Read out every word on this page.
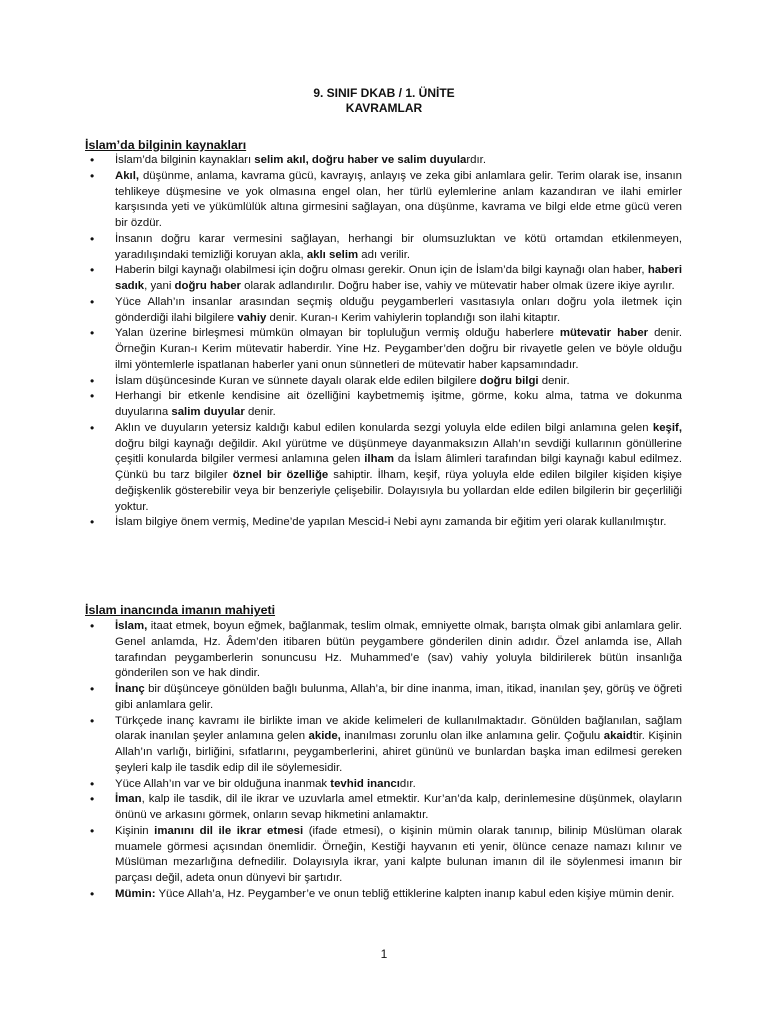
9. SINIF DKAB / 1. ÜNİTE
KAVRAMLAR
İslam’da bilginin kaynakları
• İslam’da bilginin kaynakları selim akıl, doğru haber ve salim duyulardır.
• Akıl, düşünme, anlama, kavrama gücü, kavrayış, anlayış ve zeka gibi anlamlara gelir. Terim olarak ise, insanın tehlikeye düşmesine ve yok olmasına engel olan, her türlü eylemlerine anlam kazandıran ve ilahi emirler karşısında yeti ve yükümlülük altına girmesini sağlayan, ona düşünme, kavrama ve bilgi elde etme gücü veren bir özdür.
• İnsanın doğru karar vermesini sağlayan, herhangi bir olumsuzluktan ve kötü ortamdan etkilenmeyen, yaradılışındaki temizliği koruyan akla, aklı selim adı verilir.
• Haberin bilgi kaynağı olabilmesi için doğru olması gerekir. Onun için de İslam’da bilgi kaynağı olan haber, haberi sadık, yani doğru haber olarak adlandırılır. Doğru haber ise, vahiy ve mütevatir haber olmak üzere ikiye ayrılır.
• Yüce Allah’ın insanlar arasından seçmiş olduğu peygamberleri vasıtasıyla onları doğru yola iletmek için gönderdiği ilahi bilgilere vahiy denir. Kuran-ı Kerim vahiylerin toplandığı son ilahi kitaptır.
• Yalan üzerine birleşmesi mümkün olmayan bir topluluğun vermiş olduğu haberlere mütevatir haber denir. Örneğin Kuran-ı Kerim mütevatir haberdir. Yine Hz. Peygamber’den doğru bir rivayetle gelen ve böyle olduğu ilmi yöntemlerle ispatlanan haberler yani onun sünnetleri de mütevatir haber kapsamındadır.
• İslam düşüncesinde Kuran ve sünnete dayalı olarak elde edilen bilgilere doğru bilgi denir.
• Herhangi bir etkenle kendisine ait özelliğini kaybetmemiş işitme, görme, koku alma, tatma ve dokunma duyularına salim duyular denir.
• Aklın ve duyuların yetersiz kaldığı kabul edilen konularda sezgi yoluyla elde edilen bilgi anlamına gelen keşif, doğru bilgi kaynağı değildir. Akıl yürütme ve düşünmeye dayanmaksızın Allah’ın sevdiği kullarının gönüllerine çeşitli konularda bilgiler vermesi anlamına gelen ilham da İslam âlimleri tarafından bilgi kaynağı kabul edilmez. Çünkü bu tarz bilgiler öznel bir özelliğe sahiptir. İlham, keşif, rüya yoluyla elde edilen bilgiler kişiden kişiye değişkenlik gösterebilir veya bir benzeriyle çelişebilir. Dolayısıyla bu yollardan elde edilen bilgilerin bir geçerliliği yoktur.
• İslam bilgiye önem vermiş, Medine’de yapılan Mescid-i Nebi aynı zamanda bir eğitim yeri olarak kullanılmıştır.
İslam inancında imanın mahiyeti
• İslam, itaat etmek, boyun eğmek, bağlanmak, teslim olmak, emniyette olmak, barışta olmak gibi anlamlara gelir. Genel anlamda, Hz. Âdem’den itibaren bütün peygambere gönderilen dinin adıdır. Özel anlamda ise, Allah tarafından peygamberlerin sonuncusu Hz. Muhammed’e (sav) vahiy yoluyla bildirilerek bütün insanlığa gönderilen son ve hak dindir.
• İnanç bir düşünceye gönülden bağlı bulunma, Allah’a, bir dine inanma, iman, itikad, inanılan şey, görüş ve öğreti gibi anlamlara gelir.
• Türkçede inanç kavramı ile birlikte iman ve akide kelimeleri de kullanılmaktadır. Gönülden bağlanılan, sağlam olarak inanılan şeyler anlamına gelen akide, inanılması zorunlu olan ilke anlamına gelir. Çoğulu akaidtir. Kişinin Allah’ın varlığı, birliğini, sıfatlarını, peygamberlerini, ahiret gününü ve bunlardan başka iman edilmesi gereken şeyleri kalp ile tasdik edip dil ile söylemesidir.
• Yüce Allah’ın var ve bir olduğuna inanmak tevhid inancıdır.
• İman, kalp ile tasdik, dil ile ikrar ve uzuvlarla amel etmektir. Kur’an’da kalp, derinlemesine düşünmek, olayların önünü ve arkasını görmek, onların sevap hikmetini anlamaktır.
• Kişinin imanını dil ile ikrar etmesi (ifade etmesi), o kişinin mümin olarak tanınıp, bilinip Müslüman olarak muamele görmesi açısından önemlidir. Örneğin, Kestiği hayvanın eti yenir, ölünce cenaze namazı kılınır ve Müslüman mezarlığına defnedilir. Dolayısıyla ikrar, yani kalpte bulunan imanın dil ile söylenmesi imanın bir parçası değil, adeta onun dünyevi bir şartıdır.
• Mümin: Yüce Allah’a, Hz. Peygamber’e ve onun tebliğ ettiklerine kalpten inanıp kabul eden kişiye mümin denir.
1
